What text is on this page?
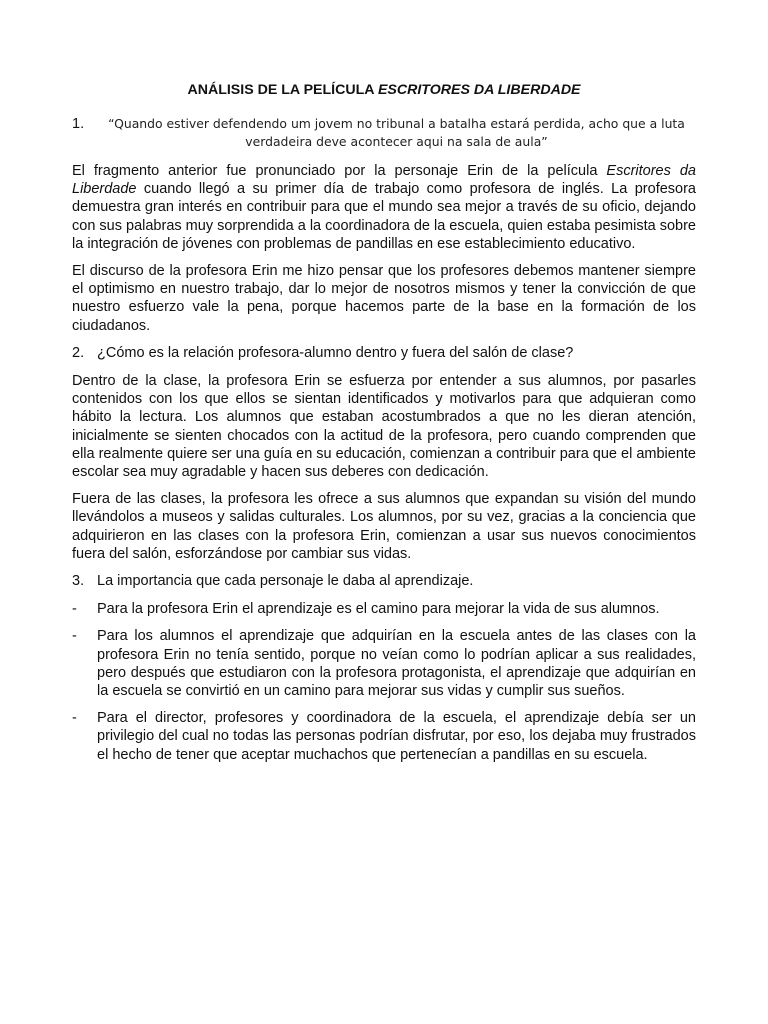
ANÁLISIS DE LA PELÍCULA ESCRITORES DA LIBERDADE
1.	“Quando estiver defendendo um jovem no tribunal a batalha estará perdida, acho que a luta verdadeira deve acontecer aqui na sala de aula”

El fragmento anterior fue pronunciado por la personaje Erin de la película Escritores da Liberdade cuando llegó a su primer día de trabajo como profesora de inglés. La profesora demuestra gran interés en contribuir para que el mundo sea mejor a través de su oficio, dejando con sus palabras muy sorprendida a la coordinadora de la escuela, quien estaba pesimista sobre la integración de jóvenes con problemas de pandillas en ese establecimiento educativo.

El discurso de la profesora Erin me hizo pensar que los profesores debemos mantener siempre el optimismo en nuestro trabajo, dar lo mejor de nosotros mismos y tener la convicción de que nuestro esfuerzo vale la pena, porque hacemos parte de la base en la formación de los ciudadanos.

2. ¿Cómo es la relación profesora-alumno dentro y fuera del salón de clase?

Dentro de la clase, la profesora Erin se esfuerza por entender a sus alumnos, por pasarles contenidos con los que ellos se sientan identificados y motivarlos para que adquieran como hábito la lectura. Los alumnos que estaban acostumbrados a que no les dieran atención, inicialmente se sienten chocados con la actitud de la profesora, pero cuando comprenden que ella realmente quiere ser una guía en su educación, comienzan a contribuir para que el ambiente escolar sea muy agradable y hacen sus deberes con dedicación.

Fuera de las clases, la profesora les ofrece a sus alumnos que expandan su visión del mundo llevándolos a museos y salidas culturales. Los alumnos, por su vez, gracias a la conciencia que adquirieron en las clases con la profesora Erin, comienzan a usar sus nuevos conocimientos fuera del salón, esforzándose por cambiar sus vidas.

3. La importancia que cada personaje le daba al aprendizaje.
-	Para la profesora Erin el aprendizaje es el camino para mejorar la vida de sus alumnos.
-	Para los alumnos el aprendizaje que adquirían en la escuela antes de las clases con la profesora Erin no tenía sentido, porque no veían como lo podrían aplicar a sus realidades, pero después que estudiaron con la profesora protagonista, el aprendizaje que adquirían en la escuela se convirtió en un camino para mejorar sus vidas y cumplir sus sueños.
-	Para el director, profesores y coordinadora de la escuela, el aprendizaje debía ser un privilegio del cual no todas las personas podrían disfrutar, por eso, los dejaba muy frustrados el hecho de tener que aceptar muchachos que pertenecían a pandillas en su escuela.
